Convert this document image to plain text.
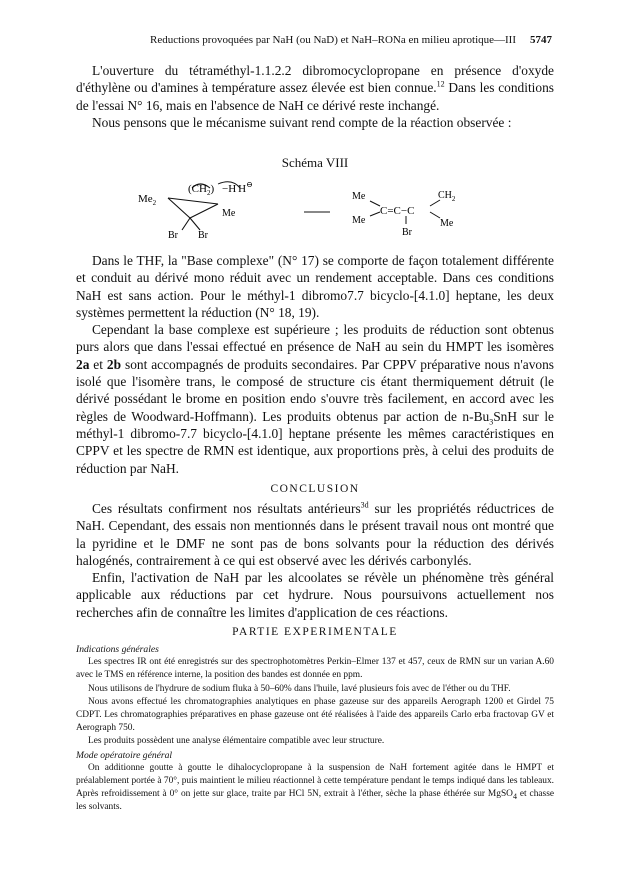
Reductions provoquées par NaH (ou NaD) et NaH–RONa en milieu aprotique—III 5747

L'ouverture du tétraméthyl-1.1.2.2 dibromocyclopropane en présence d'oxyde d'éthylène ou d'amines à température assez élevée est bien connue.$^{12}$ Dans les conditions de l'essai N° 16, mais en l'absence de NaH ce dérivé reste inchangé.

Nous pensons que le mécanisme suivant rend compte de la réaction observée :

Schéma VIII
$Me_2$
$(CH_2) -H$ H⊖
Me
Br Br
Me
Me
C=C−C
Br
$CH_2$
Me

Dans le THF, la "Base complexe" (N° 17) se comporte de façon totalement différente et conduit au dérivé mono réduit avec un rendement acceptable. Dans ces conditions NaH est sans action. Pour le méthyl-1 dibromo7.7 bicyclo-[4.1.0] heptane, les deux systèmes permettent la réduction (N° 18, 19).

Cependant la base complexe est supérieure ; les produits de réduction sont obtenus purs alors que dans l'essai effectué en présence de NaH au sein du HMPT les isomères 2a et 2b sont accompagnés de produits secondaires. Par CPPV préparative nous n'avons isolé que l'isomère trans, le composé de structure cis étant thermiquement détruit (le dérivé possédant le brome en position endo s'ouvre très facilement, en accord avec les règles de Woodward-Hoffmann). Les produits obtenus par action de $n-Bu_3SnH$ sur le méthyl-1 dibromo-7.7 bicyclo-[4.1.0] heptane présente les mêmes caractéristiques en CPPV et les spectre de RMN est identique, aux proportions près, à celui des produits de réduction par NaH.

CONCLUSION

Ces résultats confirment nos résultats antérieurs$^{3d}$ sur les propriétés réductrices de NaH. Cependant, des essais non mentionnés dans le présent travail nous ont montré que la pyridine et le DMF ne sont pas de bons solvants pour la réduction des dérivés halogénés, contrairement à ce qui est observé avec les dérivés carbonylés.

Enfin, l'activation de NaH par les alcoolates se révèle un phénomène très général applicable aux réductions par cet hydrure. Nous poursuivons actuellement nos recherches afin de connaître les limites d'application de ces réactions.

PARTIE EXPERIMENTALE

Indications générales

Les spectres IR ont été enregistrés sur des spectrophotomètres Perkin–Elmer 137 et 457, ceux de RMN sur un varian A.60 avec le TMS en référence interne, la position des bandes est donnée en ppm.

Nous utilisons de l'hydrure de sodium fluka à 50–60% dans l'huile, lavé plusieurs fois avec de l'éther ou du THF.

Nous avons effectué les chromatographies analytiques en phase gazeuse sur des appareils Aerograph 1200 et Girdel 75 CDPT. Les chromatographies préparatives en phase gazeuse ont été réalisées à l'aide des appareils Carlo erba fractovap GV et Aerograph 750.

Les produits possèdent une analyse élémentaire compatible avec leur structure.

Mode opératoire général

On additionne goutte à goutte le dihalocyclopropane à la suspension de NaH fortement agitée dans le HMPT et préalablement portée à 70°, puis maintient le milieu réactionnel à cette température pendant le temps indiqué dans les tableaux. Après refroidissement à 0° on jette sur glace, traite par HCl 5N, extrait à l'éther, sèche la phase éthérée sur MgSO$_4$ et chasse les solvants.
